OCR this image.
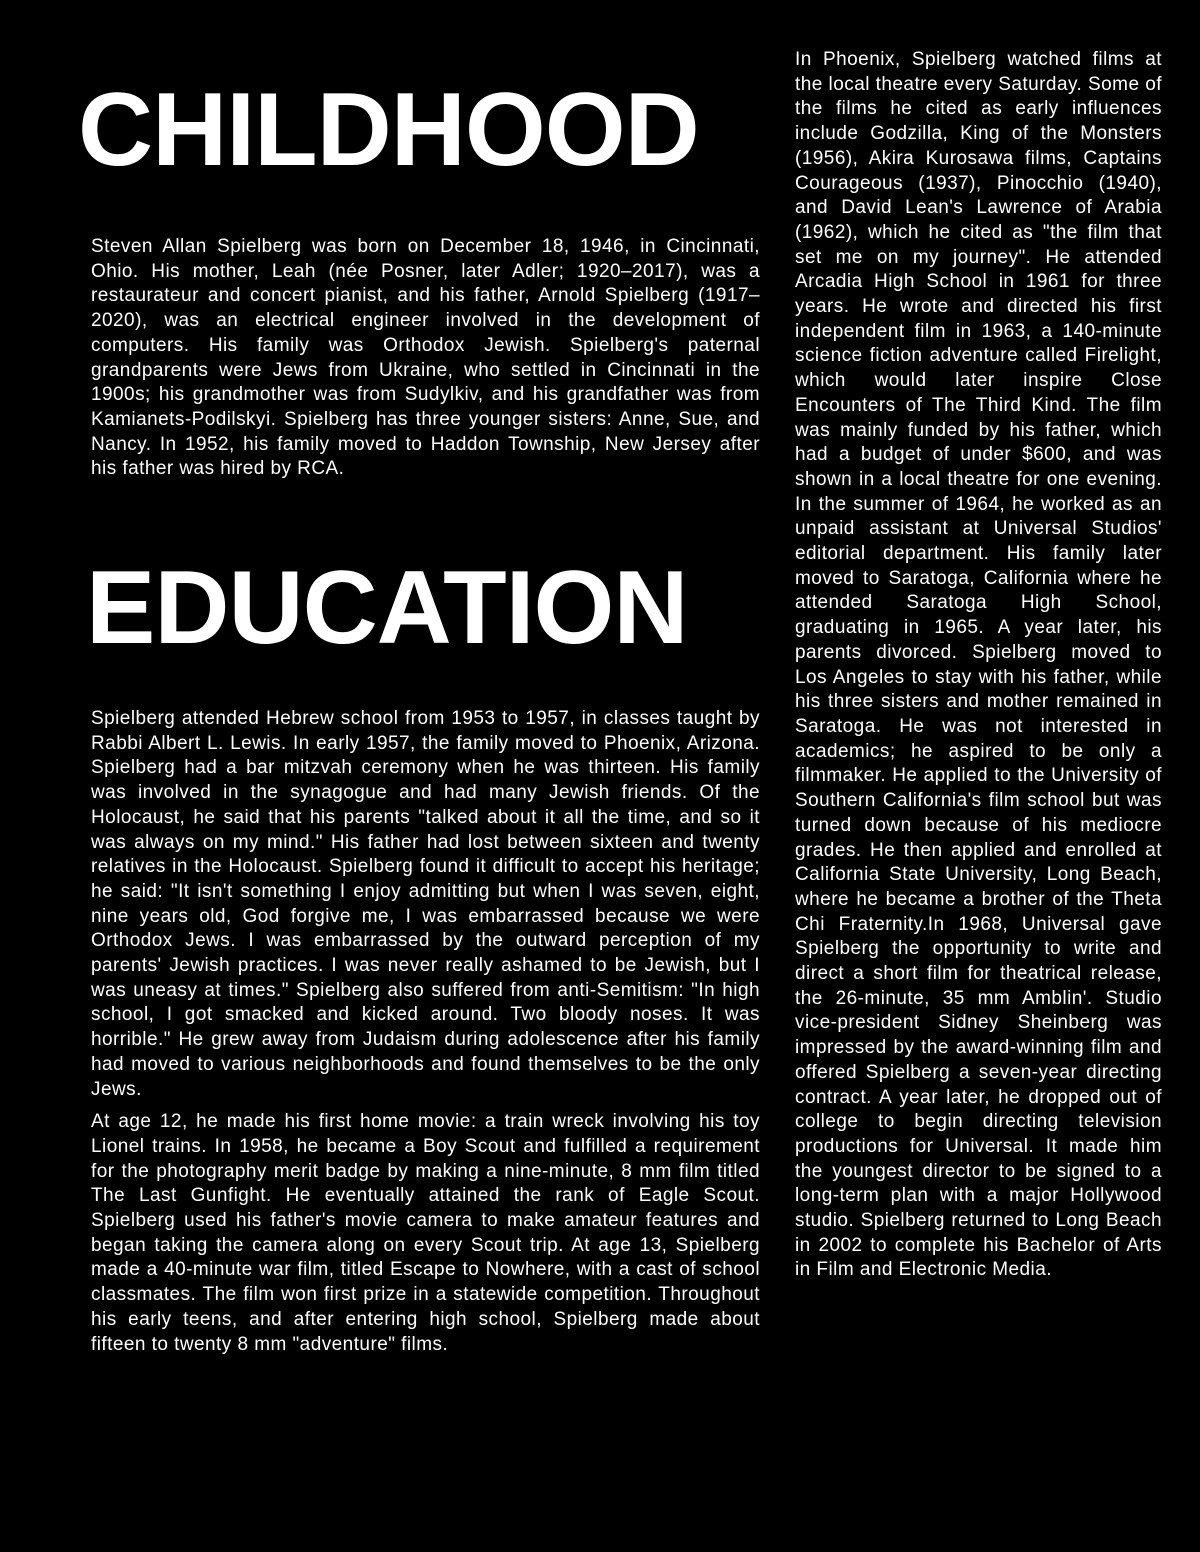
CHILDHOOD

Steven Allan Spielberg was born on December 18, 1946, in Cincinnati, Ohio. His mother, Leah (née Posner, later Adler; 1920–2017), was a restaurateur and concert pianist, and his father, Arnold Spielberg (1917–2020), was an electrical engineer involved in the development of computers. His family was Orthodox Jewish. Spielberg's paternal grandparents were Jews from Ukraine, who settled in Cincinnati in the 1900s; his grandmother was from Sudylkiv, and his grandfather was from Kamianets-Podilskyi. Spielberg has three younger sisters: Anne, Sue, and Nancy. In 1952, his family moved to Haddon Township, New Jersey after his father was hired by RCA.

EDUCATION

Spielberg attended Hebrew school from 1953 to 1957, in classes taught by Rabbi Albert L. Lewis. In early 1957, the family moved to Phoenix, Arizona. Spielberg had a bar mitzvah ceremony when he was thirteen. His family was involved in the synagogue and had many Jewish friends. Of the Holocaust, he said that his parents "talked about it all the time, and so it was always on my mind." His father had lost between sixteen and twenty relatives in the Holocaust. Spielberg found it difficult to accept his heritage; he said: "It isn't something I enjoy admitting but when I was seven, eight, nine years old, God forgive me, I was embarrassed because we were Orthodox Jews. I was embarrassed by the outward perception of my parents' Jewish practices. I was never really ashamed to be Jewish, but I was uneasy at times." Spielberg also suffered from anti-Semitism: "In high school, I got smacked and kicked around. Two bloody noses. It was horrible." He grew away from Judaism during adolescence after his family had moved to various neighborhoods and found themselves to be the only Jews.

At age 12, he made his first home movie: a train wreck involving his toy Lionel trains. In 1958, he became a Boy Scout and fulfilled a requirement for the photography merit badge by making a nine-minute, 8 mm film titled The Last Gunfight. He eventually attained the rank of Eagle Scout. Spielberg used his father's movie camera to make amateur features and began taking the camera along on every Scout trip. At age 13, Spielberg made a 40-minute war film, titled Escape to Nowhere, with a cast of school classmates. The film won first prize in a statewide competition. Throughout his early teens, and after entering high school, Spielberg made about fifteen to twenty 8 mm "adventure" films.

In Phoenix, Spielberg watched films at the local theatre every Saturday. Some of the films he cited as early influences include Godzilla, King of the Monsters (1956), Akira Kurosawa films, Captains Courageous (1937), Pinocchio (1940), and David Lean's Lawrence of Arabia (1962), which he cited as "the film that set me on my journey". He attended Arcadia High School in 1961 for three years. He wrote and directed his first independent film in 1963, a 140-minute science fiction adventure called Firelight, which would later inspire Close Encounters of The Third Kind. The film was mainly funded by his father, which had a budget of under $600, and was shown in a local theatre for one evening. In the summer of 1964, he worked as an unpaid assistant at Universal Studios' editorial department. His family later moved to Saratoga, California where he attended Saratoga High School, graduating in 1965. A year later, his parents divorced. Spielberg moved to Los Angeles to stay with his father, while his three sisters and mother remained in Saratoga. He was not interested in academics; he aspired to be only a filmmaker. He applied to the University of Southern California's film school but was turned down because of his mediocre grades. He then applied and enrolled at California State University, Long Beach, where he became a brother of the Theta Chi Fraternity.In 1968, Universal gave Spielberg the opportunity to write and direct a short film for theatrical release, the 26-minute, 35 mm Amblin'. Studio vice-president Sidney Sheinberg was impressed by the award-winning film and offered Spielberg a seven-year directing contract. A year later, he dropped out of college to begin directing television productions for Universal. It made him the youngest director to be signed to a long-term plan with a major Hollywood studio. Spielberg returned to Long Beach in 2002 to complete his Bachelor of Arts in Film and Electronic Media.
